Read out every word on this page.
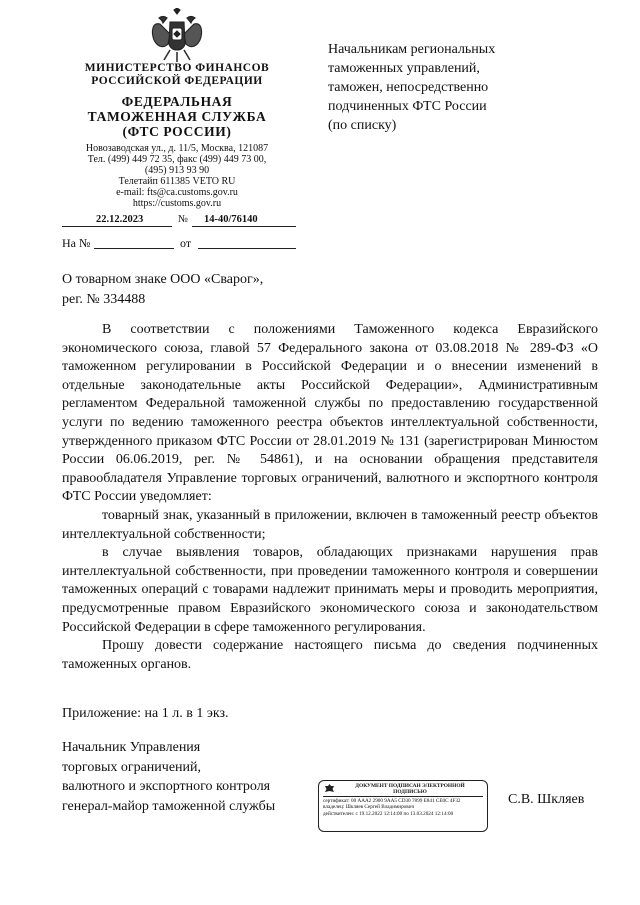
МИНИСТЕРСТВО ФИНАНСОВ
РОССИЙСКОЙ ФЕДЕРАЦИИ
ФЕДЕРАЛЬНАЯ
ТАМОЖЕННАЯ СЛУЖБА
(ФТС РОССИИ)
Новозаводская ул., д. 11/5, Москва, 121087
Тел. (499) 449 72 35, факс (499) 449 73 00,
(495) 913 93 90
Телетайп 611385 VETO RU
e-mail: fts@ca.customs.gov.ru
https://customs.gov.ru
22.12.2023	№ 14-40/76140
На №	от
Начальникам региональных
таможенных управлений,
таможен, непосредственно
подчиненных ФТС России
(по списку)
О товарном знаке ООО «Сварог»,
рег. № 334488

В соответствии с положениями Таможенного кодекса Евразийского экономического союза, главой 57 Федерального закона от 03.08.2018 № 289-ФЗ «О таможенном регулировании в Российской Федерации и о внесении изменений в отдельные законодательные акты Российской Федерации», Административным регламентом Федеральной таможенной службы по предоставлению государственной услуги по ведению таможенного реестра объектов интеллектуальной собственности, утвержденного приказом ФТС России от 28.01.2019 № 131 (зарегистрирован Минюстом России 06.06.2019, рег. № 54861), и на основании обращения представителя правообладателя Управление торговых ограничений, валютного и экспортного контроля ФТС России уведомляет:

товарный знак, указанный в приложении, включен в таможенный реестр объектов интеллектуальной собственности;

в случае выявления товаров, обладающих признаками нарушения прав интеллектуальной собственности, при проведении таможенного контроля и совершении таможенных операций с товарами надлежит принимать меры и проводить мероприятия, предусмотренные правом Евразийского экономического союза и законодательством Российской Федерации в сфере таможенного регулирования.

Прошу довести содержание настоящего письма до сведения подчиненных таможенных органов.

Приложение: на 1 л. в 1 экз.
Начальник Управления
торговых ограничений,
валютного и экспортного контроля
генерал-майор таможенной службы
ДОКУМЕНТ ПОДПИСАН ЭЛЕКТРОННОЙ
ПОДПИСЬЮ
сертификат: 00 AAA2 2900 9AA5 CD30 7899 E841 CE0C 4F32
владелец: Шкляев Сергей Владимирович
действителен: с 19.12.2022 12:14:00 по 13.03.2024 12:14:00
С.В. Шкляев
